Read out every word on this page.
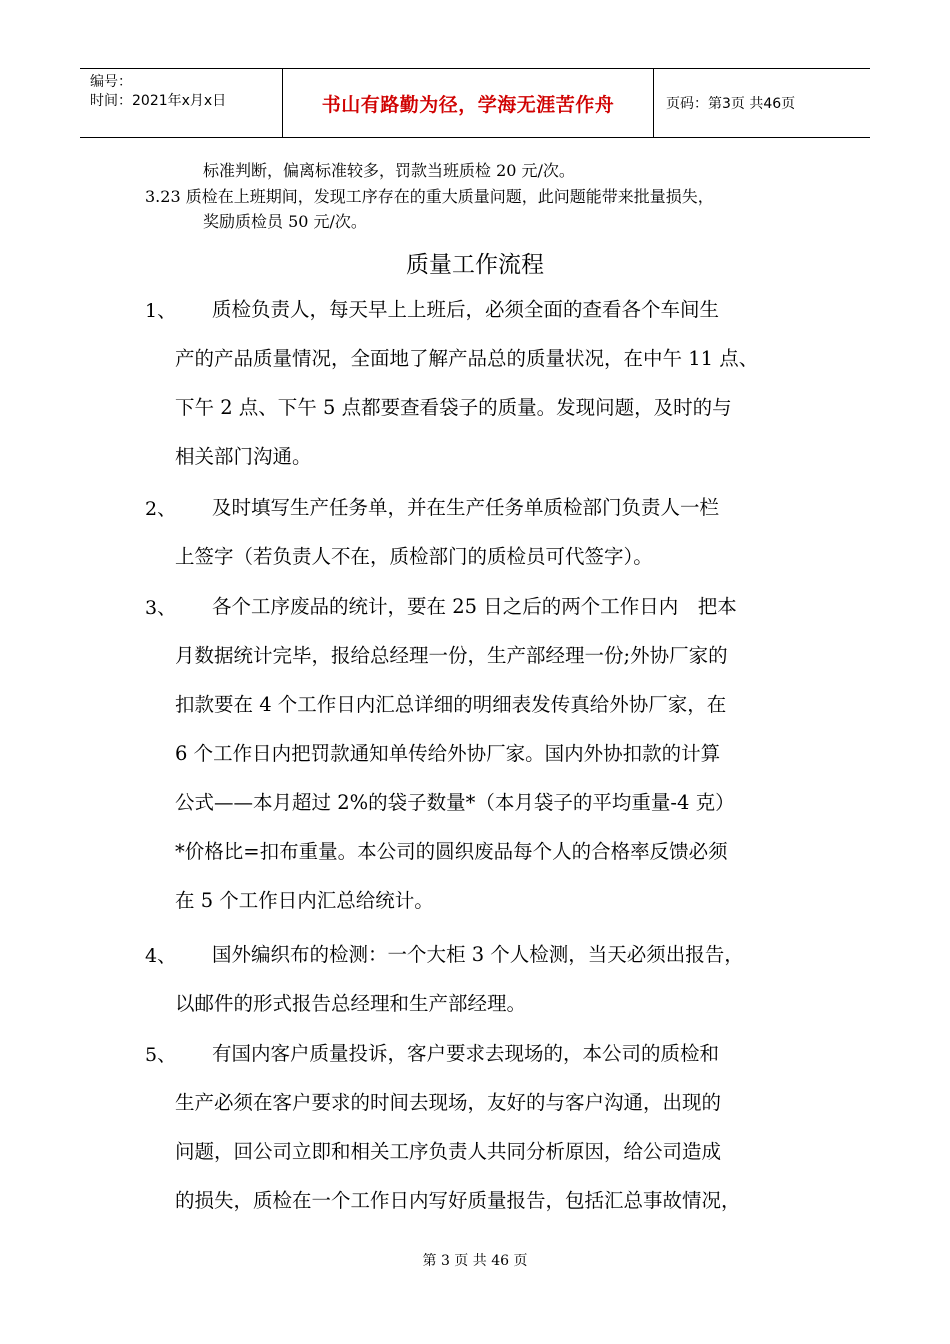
编号：
时间：2021年x月x日	书山有路勤为径，学海无涯苦作舟	页码：第3页 共46页
标准判断，偏离标准较多，罚款当班质检 20 元/次。
3.23 质检在上班期间，发现工序存在的重大质量问题，此问题能带来批量损失，
奖励质检员 50 元/次。
质量工作流程
1、	质检负责人，每天早上上班后，必须全面的查看各个车间生
产的产品质量情况，全面地了解产品总的质量状况，在中午 11 点、
下午 2 点、下午 5 点都要查看袋子的质量。发现问题，及时的与
相关部门沟通。
2、	及时填写生产任务单，并在生产任务单质检部门负责人一栏
上签字（若负责人不在，质检部门的质检员可代签字）。
3、	各个工序废品的统计，要在 25 日之后的两个工作日内　把本
月数据统计完毕，报给总经理一份，生产部经理一份;外协厂家的
扣款要在 4 个工作日内汇总详细的明细表发传真给外协厂家，在
6 个工作日内把罚款通知单传给外协厂家。国内外协扣款的计算
公式——本月超过 2%的袋子数量*（本月袋子的平均重量-4 克）
*价格比=扣布重量。本公司的圆织废品每个人的合格率反馈必须
在 5 个工作日内汇总给统计。
4、	国外编织布的检测：一个大柜 3 个人检测，当天必须出报告，
以邮件的形式报告总经理和生产部经理。
5、	有国内客户质量投诉，客户要求去现场的，本公司的质检和
生产必须在客户要求的时间去现场，友好的与客户沟通，出现的
问题，回公司立即和相关工序负责人共同分析原因，给公司造成
的损失，质检在一个工作日内写好质量报告，包括汇总事故情况，
第 3 页 共 46 页
